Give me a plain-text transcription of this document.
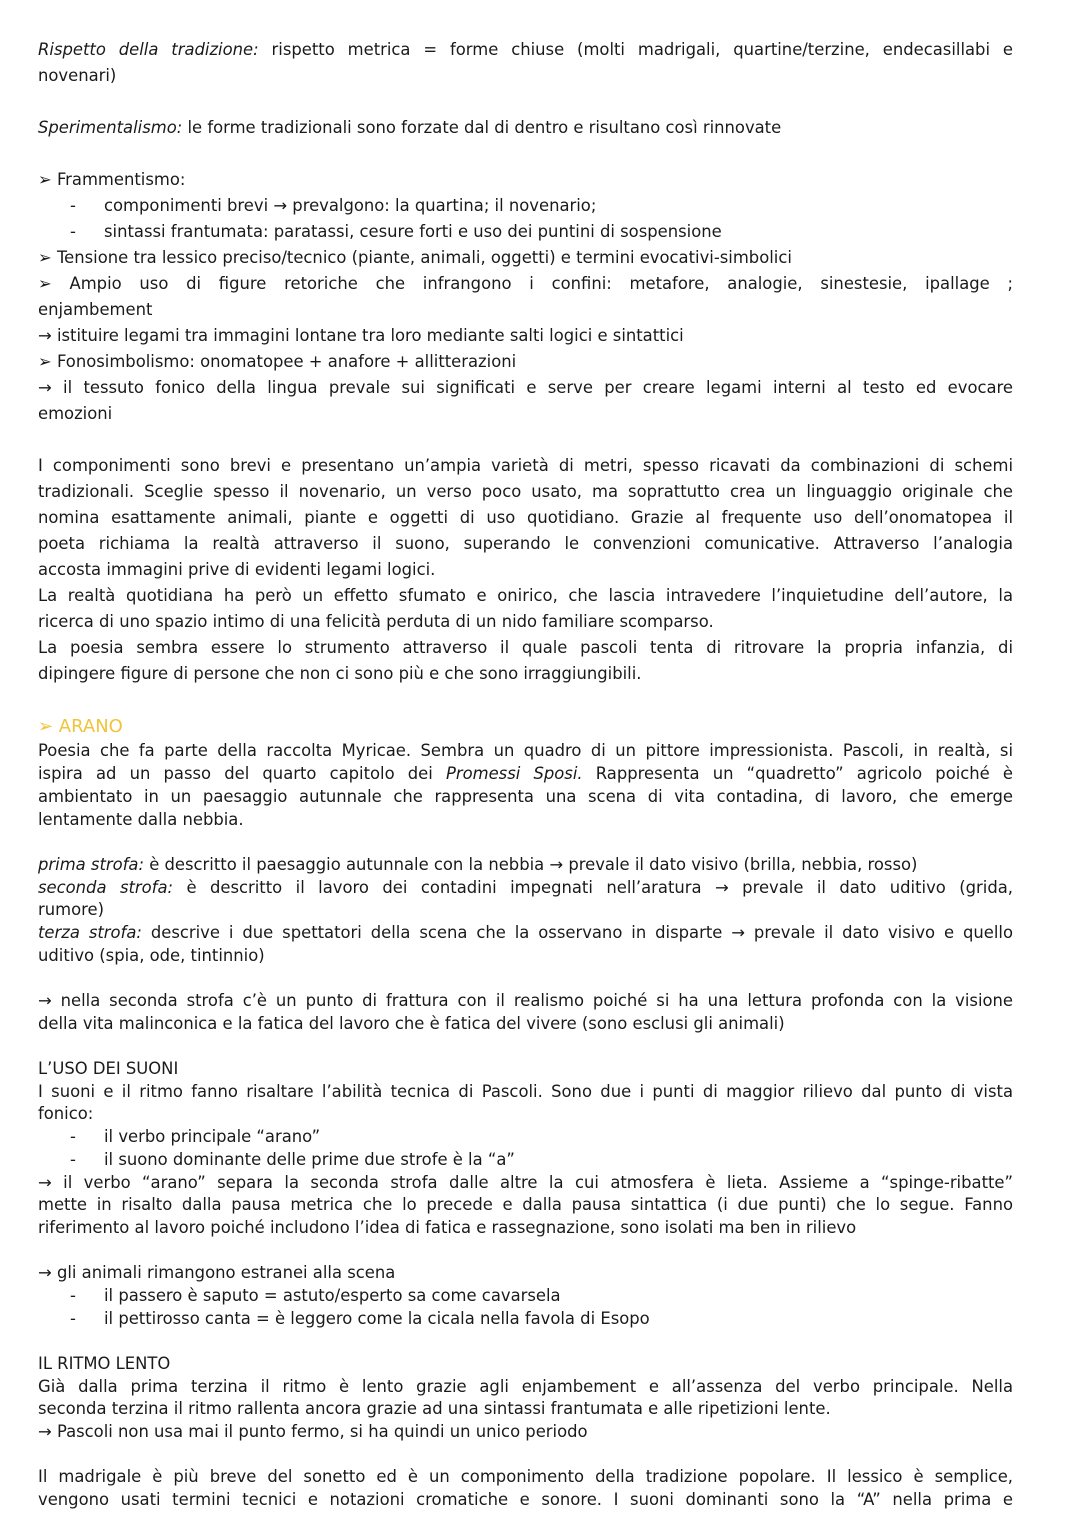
Rispetto della tradizione: rispetto metrica = forme chiuse (molti madrigali, quartine/terzine, endecasillabi e
novenari)
Sperimentalismo: le forme tradizionali sono forzate dal di dentro e risultano così rinnovate
➢ Frammentismo:
- componimenti brevi → prevalgono: la quartina; il novenario;
- sintassi frantumata: paratassi, cesure forti e uso dei puntini di sospensione
➢ Tensione tra lessico preciso/tecnico (piante, animali, oggetti) e termini evocativi-simbolici
➢ Ampio uso di figure retoriche che infrangono i confini: metafore, analogie, sinestesie, ipallage ;
enjambement
→ istituire legami tra immagini lontane tra loro mediante salti logici e sintattici
➢ Fonosimbolismo: onomatopee + anafore + allitterazioni
→ il tessuto fonico della lingua prevale sui significati e serve per creare legami interni al testo ed evocare
emozioni
I componimenti sono brevi e presentano un’ampia varietà di metri, spesso ricavati da combinazioni di schemi
tradizionali. Sceglie spesso il novenario, un verso poco usato, ma soprattutto crea un linguaggio originale che
nomina esattamente animali, piante e oggetti di uso quotidiano. Grazie al frequente uso dell’onomatopea il
poeta richiama la realtà attraverso il suono, superando le convenzioni comunicative. Attraverso l’analogia
accosta immagini prive di evidenti legami logici.
La realtà quotidiana ha però un effetto sfumato e onirico, che lascia intravedere l’inquietudine dell’autore, la
ricerca di uno spazio intimo di una felicità perduta di un nido familiare scomparso.
La poesia sembra essere lo strumento attraverso il quale pascoli tenta di ritrovare la propria infanzia, di
dipingere figure di persone che non ci sono più e che sono irraggiungibili.
➢ ARANO
Poesia che fa parte della raccolta Myricae. Sembra un quadro di un pittore impressionista. Pascoli, in realtà, si
ispira ad un passo del quarto capitolo dei Promessi Sposi. Rappresenta un “quadretto” agricolo poiché è
ambientato in un paesaggio autunnale che rappresenta una scena di vita contadina, di lavoro, che emerge
lentamente dalla nebbia.
prima strofa: è descritto il paesaggio autunnale con la nebbia → prevale il dato visivo (brilla, nebbia, rosso)
seconda strofa: è descritto il lavoro dei contadini impegnati nell’aratura → prevale il dato uditivo (grida,
rumore)
terza strofa: descrive i due spettatori della scena che la osservano in disparte → prevale il dato visivo e quello
uditivo (spia, ode, tintinnio)
→ nella seconda strofa c’è un punto di frattura con il realismo poiché si ha una lettura profonda con la visione
della vita malinconica e la fatica del lavoro che è fatica del vivere (sono esclusi gli animali)
L’USO DEI SUONI
I suoni e il ritmo fanno risaltare l’abilità tecnica di Pascoli. Sono due i punti di maggior rilievo dal punto di vista
fonico:
- il verbo principale “arano”
- il suono dominante delle prime due strofe è la “a”
→ il verbo “arano” separa la seconda strofa dalle altre la cui atmosfera è lieta. Assieme a “spinge-ribatte”
mette in risalto dalla pausa metrica che lo precede e dalla pausa sintattica (i due punti) che lo segue. Fanno
riferimento al lavoro poiché includono l’idea di fatica e rassegnazione, sono isolati ma ben in rilievo
→ gli animali rimangono estranei alla scena
- il passero è saputo = astuto/esperto sa come cavarsela
- il pettirosso canta = è leggero come la cicala nella favola di Esopo
IL RITMO LENTO
Già dalla prima terzina il ritmo è lento grazie agli enjambement e all’assenza del verbo principale. Nella
seconda terzina il ritmo rallenta ancora grazie ad una sintassi frantumata e alle ripetizioni lente.
→ Pascoli non usa mai il punto fermo, si ha quindi un unico periodo
Il madrigale è più breve del sonetto ed è un componimento della tradizione popolare. Il lessico è semplice,
vengono usati termini tecnici e notazioni cromatiche e sonore. I suoni dominanti sono la “A” nella prima e
